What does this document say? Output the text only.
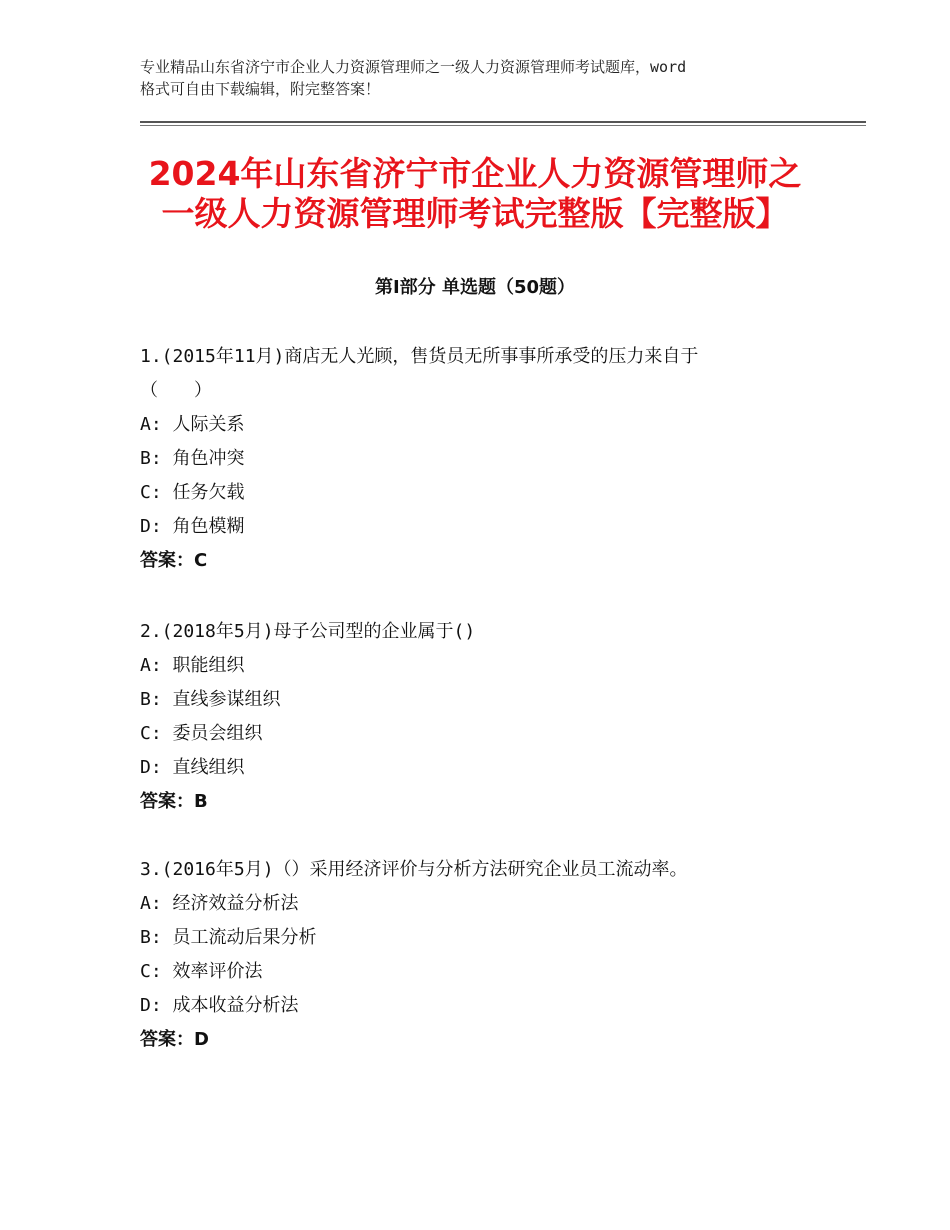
专业精品山东省济宁市企业人力资源管理师之一级人力资源管理师考试题库，word
格式可自由下载编辑，附完整答案！
2024年山东省济宁市企业人力资源管理师之
一级人力资源管理师考试完整版【完整版】
第Ⅰ部分 单选题（50题）
1.(2015年11月)商店无人光顾，售货员无所事事所承受的压力来自于
（　　）
A: 人际关系
B: 角色冲突
C: 任务欠载
D: 角色模糊
答案：C
2.(2018年5月)母子公司型的企业属于()
A: 职能组织
B: 直线参谋组织
C: 委员会组织
D: 直线组织
答案：B
3.(2016年5月)（）采用经济评价与分析方法研究企业员工流动率。
A: 经济效益分析法
B: 员工流动后果分析
C: 效率评价法
D: 成本收益分析法
答案：D
